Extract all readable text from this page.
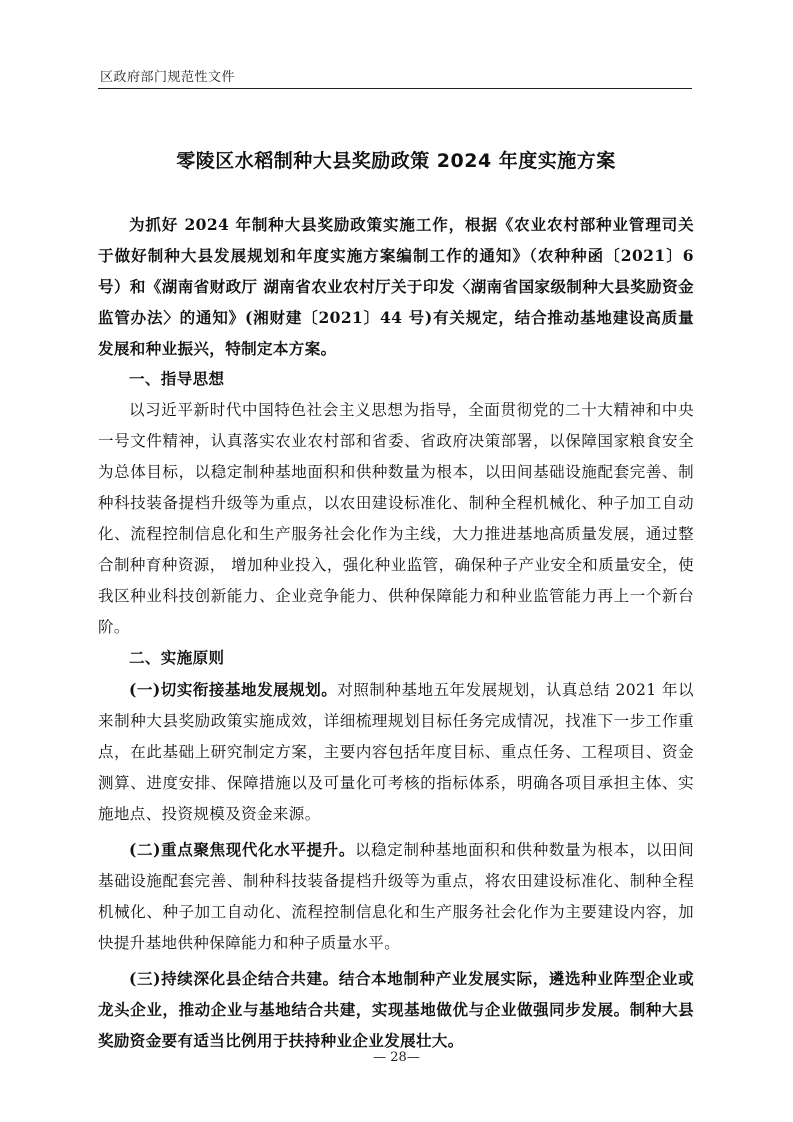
区政府部门规范性文件
零陵区水稻制种大县奖励政策 2024 年度实施方案

为抓好 2024 年制种大县奖励政策实施工作，根据《农业农村部种业管理司关于做好制种大县发展规划和年度实施方案编制工作的通知》（农种种函〔2021〕6 号）和《湖南省财政厅 湖南省农业农村厅关于印发〈湖南省国家级制种大县奖励资金监管办法〉的通知》(湘财建〔2021〕44 号)有关规定，结合推动基地建设高质量发展和种业振兴，特制定本方案。

一、指导思想

以习近平新时代中国特色社会主义思想为指导，全面贯彻党的二十大精神和中央一号文件精神，认真落实农业农村部和省委、省政府决策部署，以保障国家粮食安全为总体目标，以稳定制种基地面积和供种数量为根本，以田间基础设施配套完善、制种科技装备提档升级等为重点，以农田建设标准化、制种全程机械化、种子加工自动化、流程控制信息化和生产服务社会化作为主线，大力推进基地高质量发展，通过整合制种育种资源， 增加种业投入，强化种业监管，确保种子产业安全和质量安全，使我区种业科技创新能力、企业竞争能力、供种保障能力和种业监管能力再上一个新台阶。

二、实施原则

(一)切实衔接基地发展规划。对照制种基地五年发展规划，认真总结 2021 年以来制种大县奖励政策实施成效，详细梳理规划目标任务完成情况，找准下一步工作重点，在此基础上研究制定方案，主要内容包括年度目标、重点任务、工程项目、资金测算、进度安排、保障措施以及可量化可考核的指标体系，明确各项目承担主体、实施地点、投资规模及资金来源。

(二)重点聚焦现代化水平提升。以稳定制种基地面积和供种数量为根本，以田间基础设施配套完善、制种科技装备提档升级等为重点，将农田建设标准化、制种全程机械化、种子加工自动化、流程控制信息化和生产服务社会化作为主要建设内容，加快提升基地供种保障能力和种子质量水平。

(三)持续深化县企结合共建。结合本地制种产业发展实际，遴选种业阵型企业或龙头企业，推动企业与基地结合共建，实现基地做优与企业做强同步发展。制种大县奖励资金要有适当比例用于扶持种业企业发展壮大。

— 28—
